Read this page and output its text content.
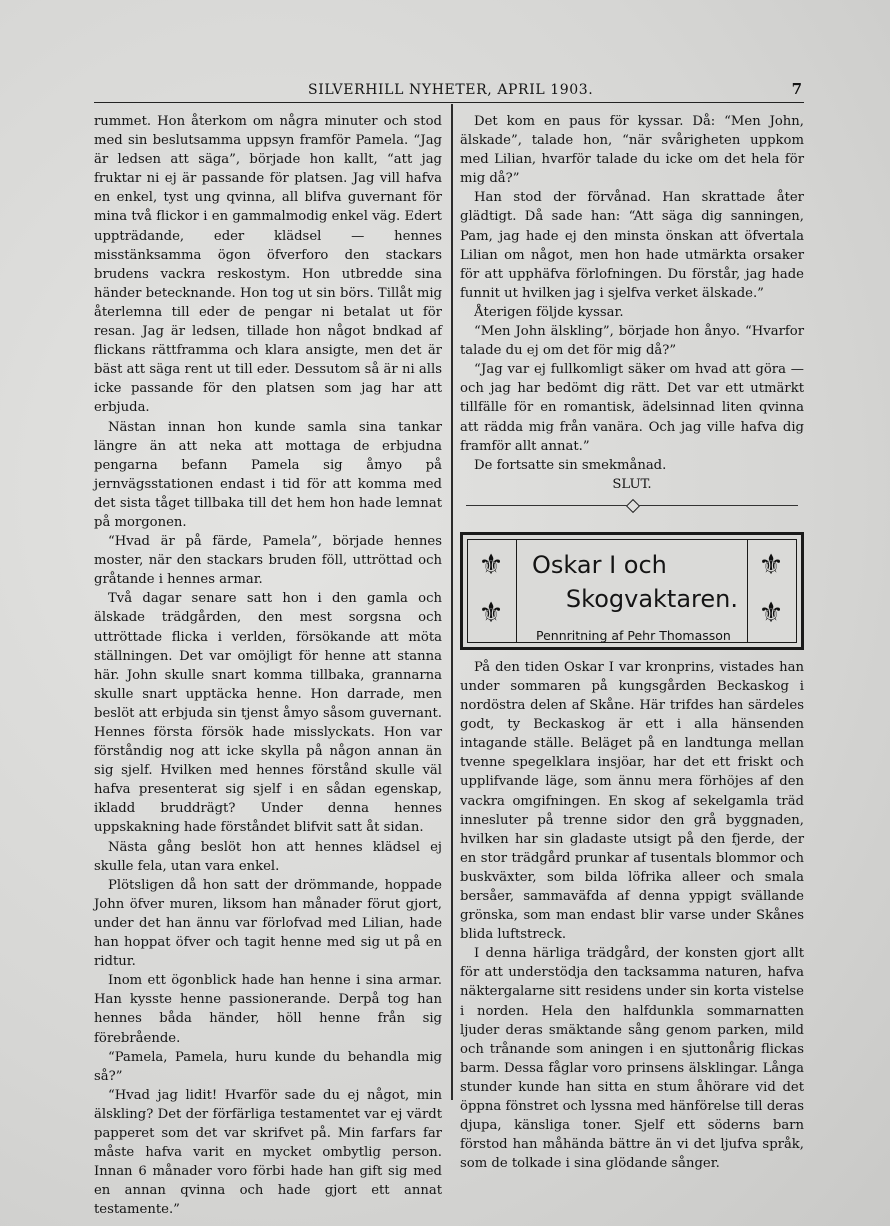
SILVERHILL NYHETER, APRIL 1903.	7

rummet. Hon återkom om några minuter och stod med sin beslutsamma uppsyn framför Pamela. “Jag är ledsen att säga”, började hon kallt, “att jag fruktar ni ej är passande för platsen. Jag vill hafva en enkel, tyst ung qvinna, all blifva guvernant för mina två flickor i en gammalmodig enkel väg. Edert uppträdande, eder klädsel — hennes misstänksamma ögon öfverforo den stackars brudens vackra reskostym. Hon utbredde sina händer betecknande. Hon tog ut sin börs. Tillåt mig återlemna till eder de pengar ni betalat ut för resan. Jag är ledsen, tillade hon något bndkad af flickans rättframma och klara ansigte, men det är bäst att säga rent ut till eder. Dessutom så är ni alls icke passande för den platsen som jag har att erbjuda.

Nästan innan hon kunde samla sina tankar längre än att neka att mottaga de erbjudna pengarna befann Pamela sig åmyo på jernvägsstationen endast i tid för att komma med det sista tåget tillbaka till det hem hon hade lemnat på morgonen.

“Hvad är på färde, Pamela”, började hennes moster, när den stackars bruden föll, uttröttad och gråtande i hennes armar.

Två dagar senare satt hon i den gamla och älskade trädgården, den mest sorgsna och uttröttade flicka i verlden, försökande att möta ställningen. Det var omöjligt för henne att stanna här. John skulle snart komma tillbaka, grannarna skulle snart upptäcka henne. Hon darrade, men beslöt att erbjuda sin tjenst åmyo såsom guvernant. Hennes första försök hade misslyckats. Hon var förståndig nog att icke skylla på någon annan än sig sjelf. Hvilken med hennes förstånd skulle väl hafva presenterat sig sjelf i en sådan egenskap, ikladd bruddrägt? Under denna hennes uppskakning hade förståndet blifvit satt åt sidan.

Nästa gång beslöt hon att hennes klädsel ej skulle fela, utan vara enkel.

Plötsligen då hon satt der drömmande, hoppade John öfver muren, liksom han månader förut gjort, under det han ännu var förlofvad med Lilian, hade han hoppat öfver och tagit henne med sig ut på en ridtur.

Inom ett ögonblick hade han henne i sina armar. Han kysste henne passionerande. Derpå tog han hennes båda händer, höll henne från sig förebrående.

“Pamela, Pamela, huru kunde du behandla mig så?”

“Hvad jag lidit! Hvarför sade du ej något, min älskling? Det der förfärliga testamentet var ej värdt papperet som det var skrifvet på. Min farfars far måste hafva varit en mycket ombytlig person. Innan 6 månader voro förbi hade han gift sig med en annan qvinna och hade gjort ett annat testamente.”

Det kom en paus för kyssar. Då: “Men John, älskade”, talade hon, “när svårigheten uppkom med Lilian, hvarför talade du icke om det hela för mig då?”

Han stod der förvånad. Han skrattade åter glädtigt. Då sade han: “Att säga dig sanningen, Pam, jag hade ej den minsta önskan att öfvertala Lilian om något, men hon hade utmärkta orsaker för att upphäfva förlofningen. Du förstår, jag hade funnit ut hvilken jag i sjelfva verket älskade.”

Återigen följde kyssar.

“Men John älskling”, började hon ånyo. “Hvarfor talade du ej om det för mig då?”

“Jag var ej fullkomligt säker om hvad att göra — och jag har bedömt dig rätt. Det var ett utmärkt tillfälle för en romantisk, ädelsinnad liten qvinna att rädda mig från vanära. Och jag ville hafva dig framför allt annat.”

De fortsatte sin smekmånad.

SLUT.

⚜
⚜
⚜
⚜
Oskar I och
Skogvaktaren.
Pennritning af Pehr Thomasson

På den tiden Oskar I var kronprins, vistades han under sommaren på kungsgården Beckaskog i nordöstra delen af Skåne. Här trifdes han särdeles godt, ty Beckaskog är ett i alla hänsenden intagande ställe. Beläget på en landtunga mellan tvenne spegelklara insjöar, har det ett friskt och upplifvande läge, som ännu mera förhöjes af den vackra omgifningen. En skog af sekelgamla träd innesluter på trenne sidor den grå byggnaden, hvilken har sin gladaste utsigt på den fjerde, der en stor trädgård prunkar af tusentals blommor och buskväxter, som bilda löfrika alleer och smala bersåer, sammaväfda af denna yppigt svällande grönska, som man endast blir varse under Skånes blida luftstreck.

I denna härliga trädgård, der konsten gjort allt för att understödja den tacksamma naturen, hafva näktergalarne sitt residens under sin korta vistelse i norden. Hela den halfdunkla sommarnatten ljuder deras smäktande sång genom parken, mild och trånande som aningen i en sjuttonårig flickas barm. Dessa fåglar voro prinsens älsklingar. Långa stunder kunde han sitta en stum åhörare vid det öppna fönstret och lyssna med hänförelse till deras djupa, känsliga toner. Sjelf ett söderns barn förstod han måhända bättre än vi det ljufva språk, som de tolkade i sina glödande sånger.
